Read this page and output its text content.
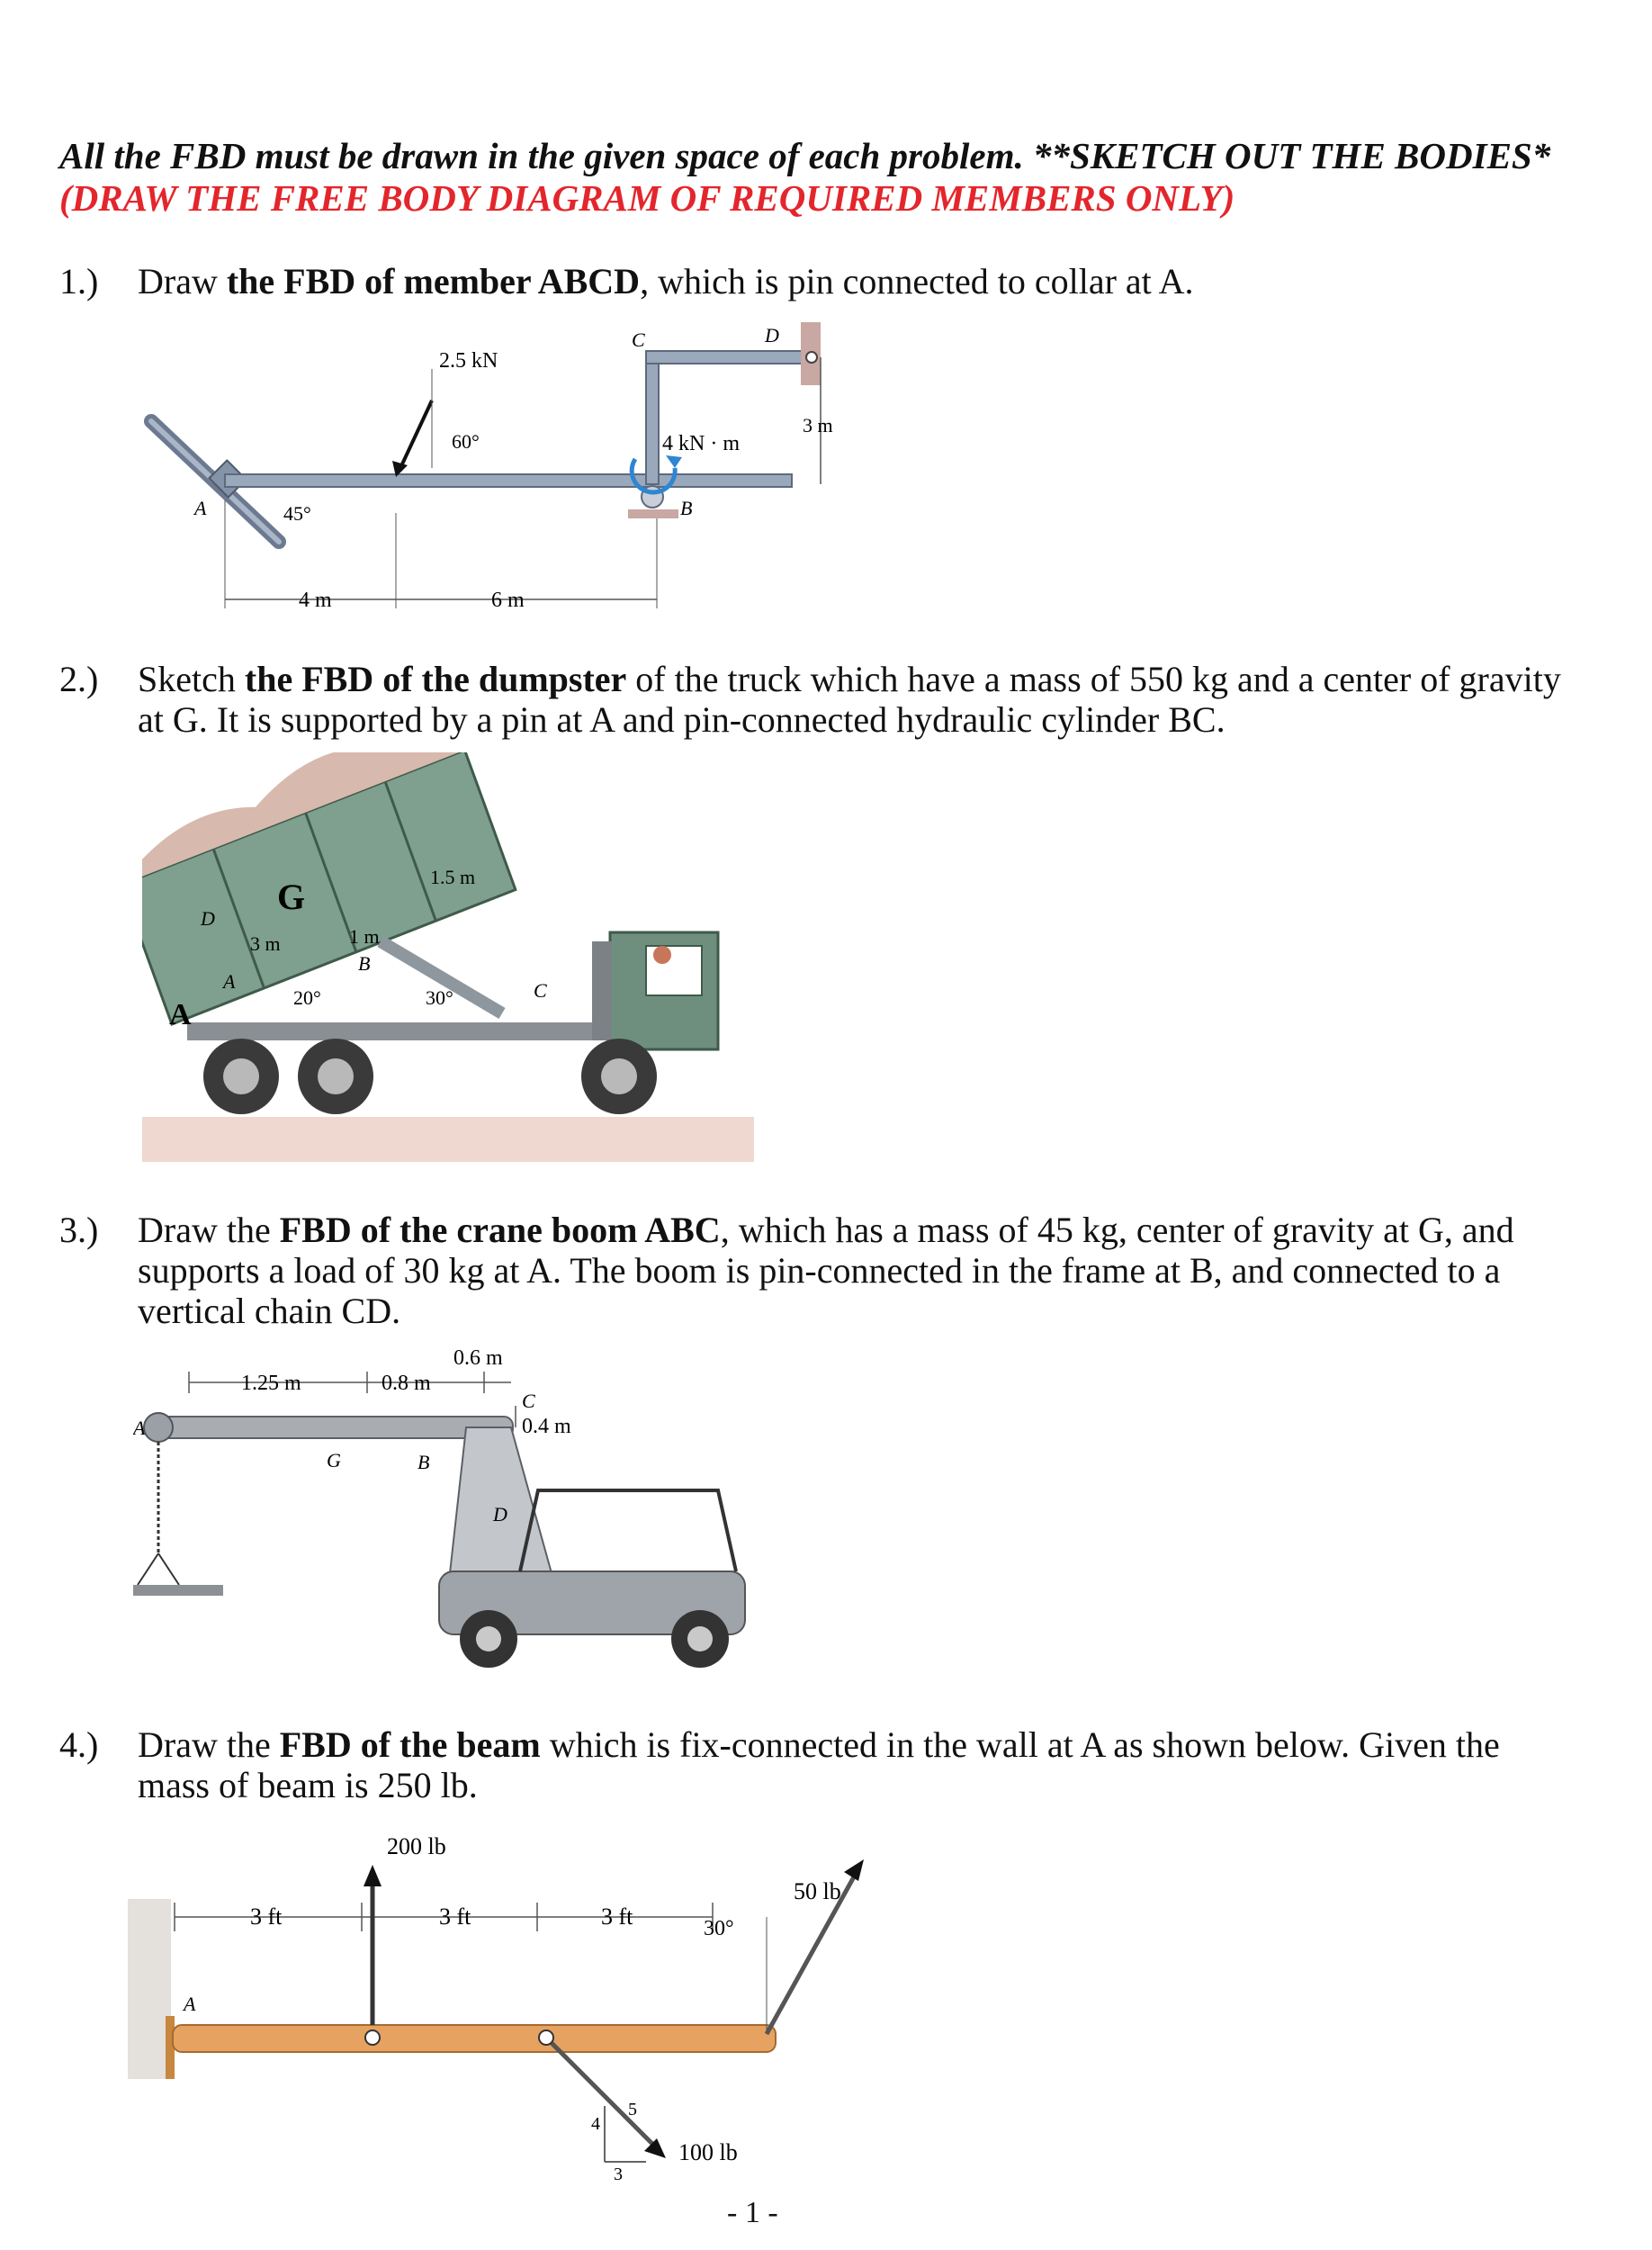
All the FBD must be drawn in the given space of each problem. **SKETCH OUT THE BODIES*
(DRAW THE FREE BODY DIAGRAM OF REQUIRED MEMBERS ONLY)
1.) Draw the FBD of member ABCD, which is pin connected to collar at A.
A	B
C	D
2.5 kN
60°
45°
4 kN · m
3 m
4 m	6 m
2.) Sketch the FBD of the dumpster of the truck which have a mass of 550 kg and a center of gravity
at G. It is supported by a pin at A and pin-connected hydraulic cylinder BC.
G
A
D
A
B
C
3 m	1 m
1.5 m
20°	30°
3.) Draw the FBD of the crane boom ABC, which has a mass of 45 kg, center of gravity at G, and
supports a load of 30 kg at A. The boom is pin-connected in the frame at B, and connected to a
vertical chain CD.
1.25 m	0.8 m
0.6 m
0.4 m
A
G	B
C
D
4.) Draw the FBD of the beam which is fix-connected in the wall at A as shown below. Given the
mass of beam is 250 lb.
A
200 lb
50 lb
100 lb
30°
3 ft	3 ft	3 ft
4
5
3
- 1 -
